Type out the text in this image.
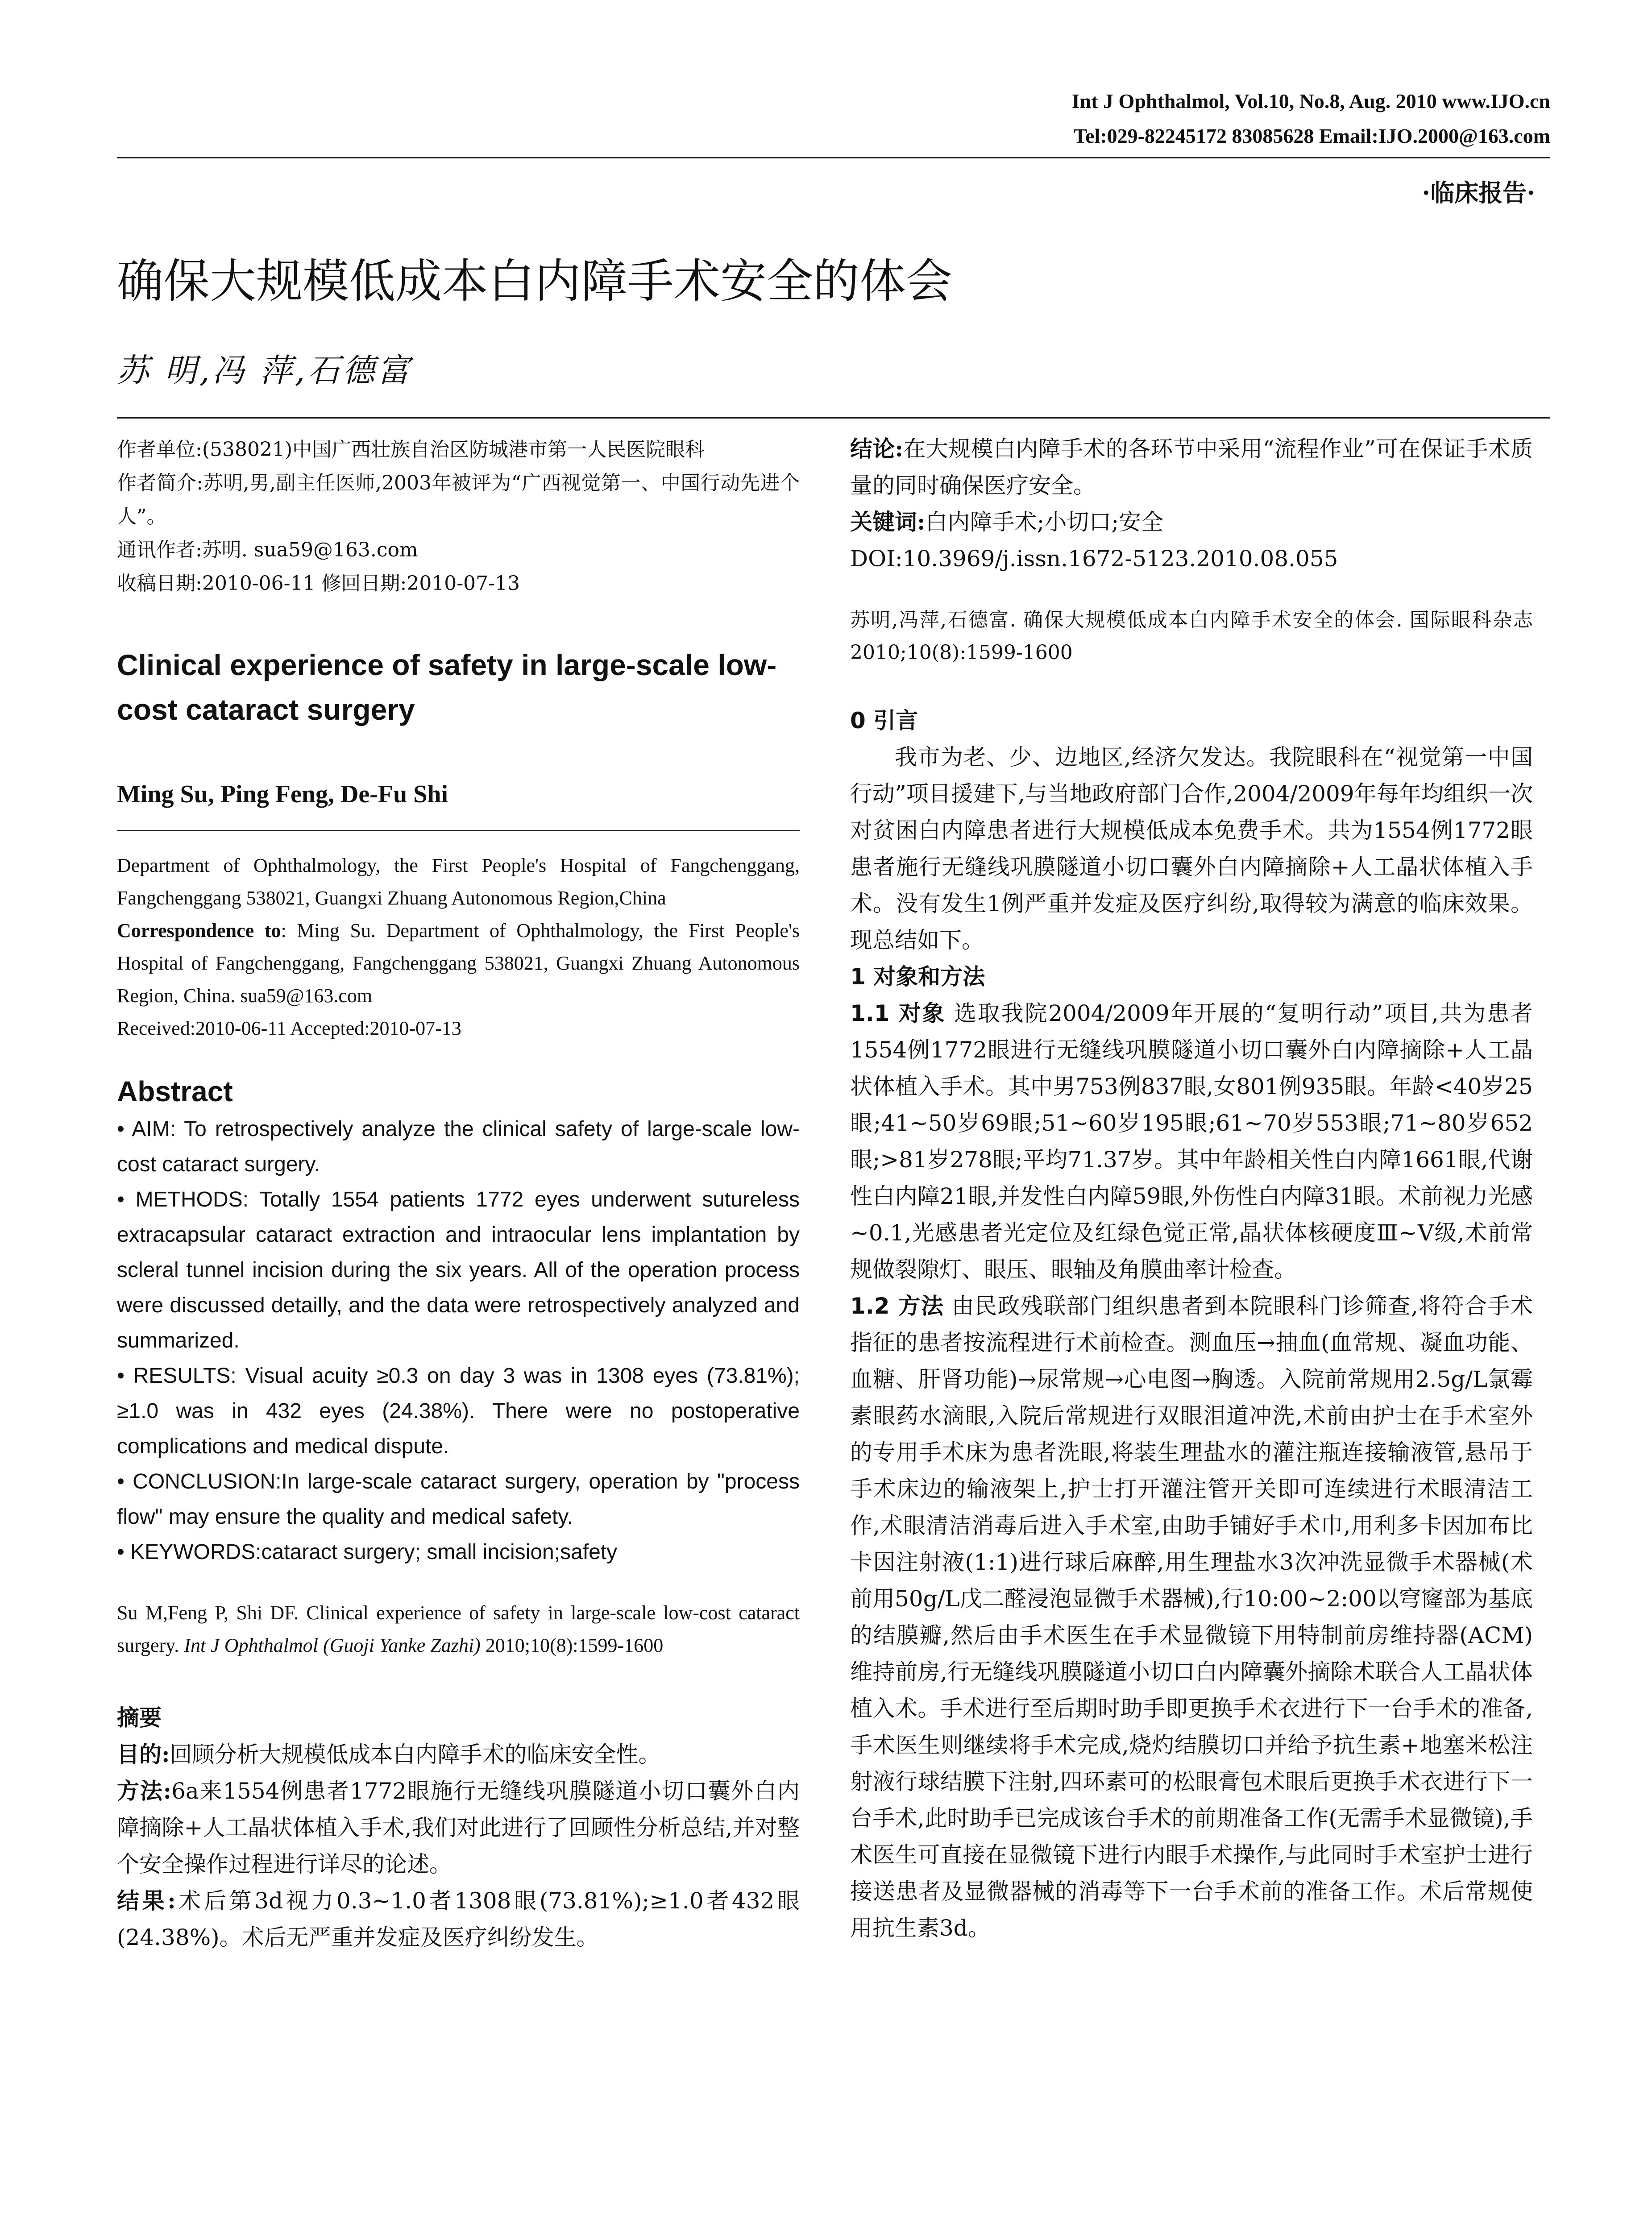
Int J Ophthalmol, Vol.10, No.8, Aug. 2010 www.IJO.cn
Tel:029-82245172 83085628 Email:IJO.2000@163.com
·临床报告·
确保大规模低成本白内障手术安全的体会
苏 明,冯 萍,石德富
作者单位:(538021)中国广西壮族自治区防城港市第一人民医院眼科
作者简介:苏明,男,副主任医师,2003年被评为“广西视觉第一、中国行动先进个人”。
通讯作者:苏明. sua59@163.com
收稿日期:2010-06-11 修回日期:2010-07-13
Clinical experience of safety in large-scale low-cost cataract surgery
Ming Su, Ping Feng, De-Fu Shi
Department of Ophthalmology, the First People's Hospital of Fangchenggang, Fangchenggang 538021, Guangxi Zhuang Autonomous Region,China
Correspondence to: Ming Su. Department of Ophthalmology, the First People's Hospital of Fangchenggang, Fangchenggang 538021, Guangxi Zhuang Autonomous Region, China. sua59@163.com
Received:2010-06-11 Accepted:2010-07-13
Abstract

• AIM: To retrospectively analyze the clinical safety of large-scale low-cost cataract surgery.

• METHODS: Totally 1554 patients 1772 eyes underwent sutureless extracapsular cataract extraction and intraocular lens implantation by scleral tunnel incision during the six years. All of the operation process were discussed detailly, and the data were retrospectively analyzed and summarized.

• RESULTS: Visual acuity ≥0.3 on day 3 was in 1308 eyes (73.81%); ≥1.0 was in 432 eyes (24.38%). There were no postoperative complications and medical dispute.

• CONCLUSION:In large-scale cataract surgery, operation by "process flow" may ensure the quality and medical safety.

• KEYWORDS:cataract surgery; small incision;safety

Su M,Feng P, Shi DF. Clinical experience of safety in large-scale low-cost cataract surgery. Int J Ophthalmol (Guoji Yanke Zazhi) 2010;10(8):1599-1600
摘要
目的:回顾分析大规模低成本白内障手术的临床安全性。
方法:6a来1554例患者1772眼施行无缝线巩膜隧道小切口囊外白内障摘除+人工晶状体植入手术,我们对此进行了回顾性分析总结,并对整个安全操作过程进行详尽的论述。
结果:术后第3d视力0.3~1.0者1308眼(73.81%);≥1.0者432眼(24.38%)。术后无严重并发症及医疗纠纷发生。
结论:在大规模白内障手术的各环节中采用“流程作业”可在保证手术质量的同时确保医疗安全。
关键词:白内障手术;小切口;安全
DOI:10.3969/j.issn.1672-5123.2010.08.055
苏明,冯萍,石德富. 确保大规模低成本白内障手术安全的体会. 国际眼科杂志 2010;10(8):1599-1600
0 引言
我市为老、少、边地区,经济欠发达。我院眼科在“视觉第一中国行动”项目援建下,与当地政府部门合作,2004/2009年每年均组织一次对贫困白内障患者进行大规模低成本免费手术。共为1554例1772眼患者施行无缝线巩膜隧道小切口囊外白内障摘除+人工晶状体植入手术。没有发生1例严重并发症及医疗纠纷,取得较为满意的临床效果。现总结如下。
1 对象和方法
1.1 对象 选取我院2004/2009年开展的“复明行动”项目,共为患者1554例1772眼进行无缝线巩膜隧道小切口囊外白内障摘除+人工晶状体植入手术。其中男753例837眼,女801例935眼。年龄<40岁25眼;41~50岁69眼;51~60岁195眼;61~70岁553眼;71~80岁652眼;>81岁278眼;平均71.37岁。其中年龄相关性白内障1661眼,代谢性白内障21眼,并发性白内障59眼,外伤性白内障31眼。术前视力光感~0.1,光感患者光定位及红绿色觉正常,晶状体核硬度Ⅲ~Ⅴ级,术前常规做裂隙灯、眼压、眼轴及角膜曲率计检查。
1.2 方法 由民政残联部门组织患者到本院眼科门诊筛查,将符合手术指征的患者按流程进行术前检查。测血压→抽血(血常规、凝血功能、血糖、肝肾功能)→尿常规→心电图→胸透。入院前常规用2.5g/L氯霉素眼药水滴眼,入院后常规进行双眼泪道冲洗,术前由护士在手术室外的专用手术床为患者洗眼,将装生理盐水的灌注瓶连接输液管,悬吊于手术床边的输液架上,护士打开灌注管开关即可连续进行术眼清洁工作,术眼清洁消毒后进入手术室,由助手铺好手术巾,用利多卡因加布比卡因注射液(1:1)进行球后麻醉,用生理盐水3次冲洗显微手术器械(术前用50g/L戊二醛浸泡显微手术器械),行10:00~2:00以穹窿部为基底的结膜瓣,然后由手术医生在手术显微镜下用特制前房维持器(ACM)维持前房,行无缝线巩膜隧道小切口白内障囊外摘除术联合人工晶状体植入术。手术进行至后期时助手即更换手术衣进行下一台手术的准备,手术医生则继续将手术完成,烧灼结膜切口并给予抗生素+地塞米松注射液行球结膜下注射,四环素可的松眼膏包术眼后更换手术衣进行下一台手术,此时助手已完成该台手术的前期准备工作(无需手术显微镜),手术医生可直接在显微镜下进行内眼手术操作,与此同时手术室护士进行接送患者及显微器械的消毒等下一台手术前的准备工作。术后常规使用抗生素3d。
